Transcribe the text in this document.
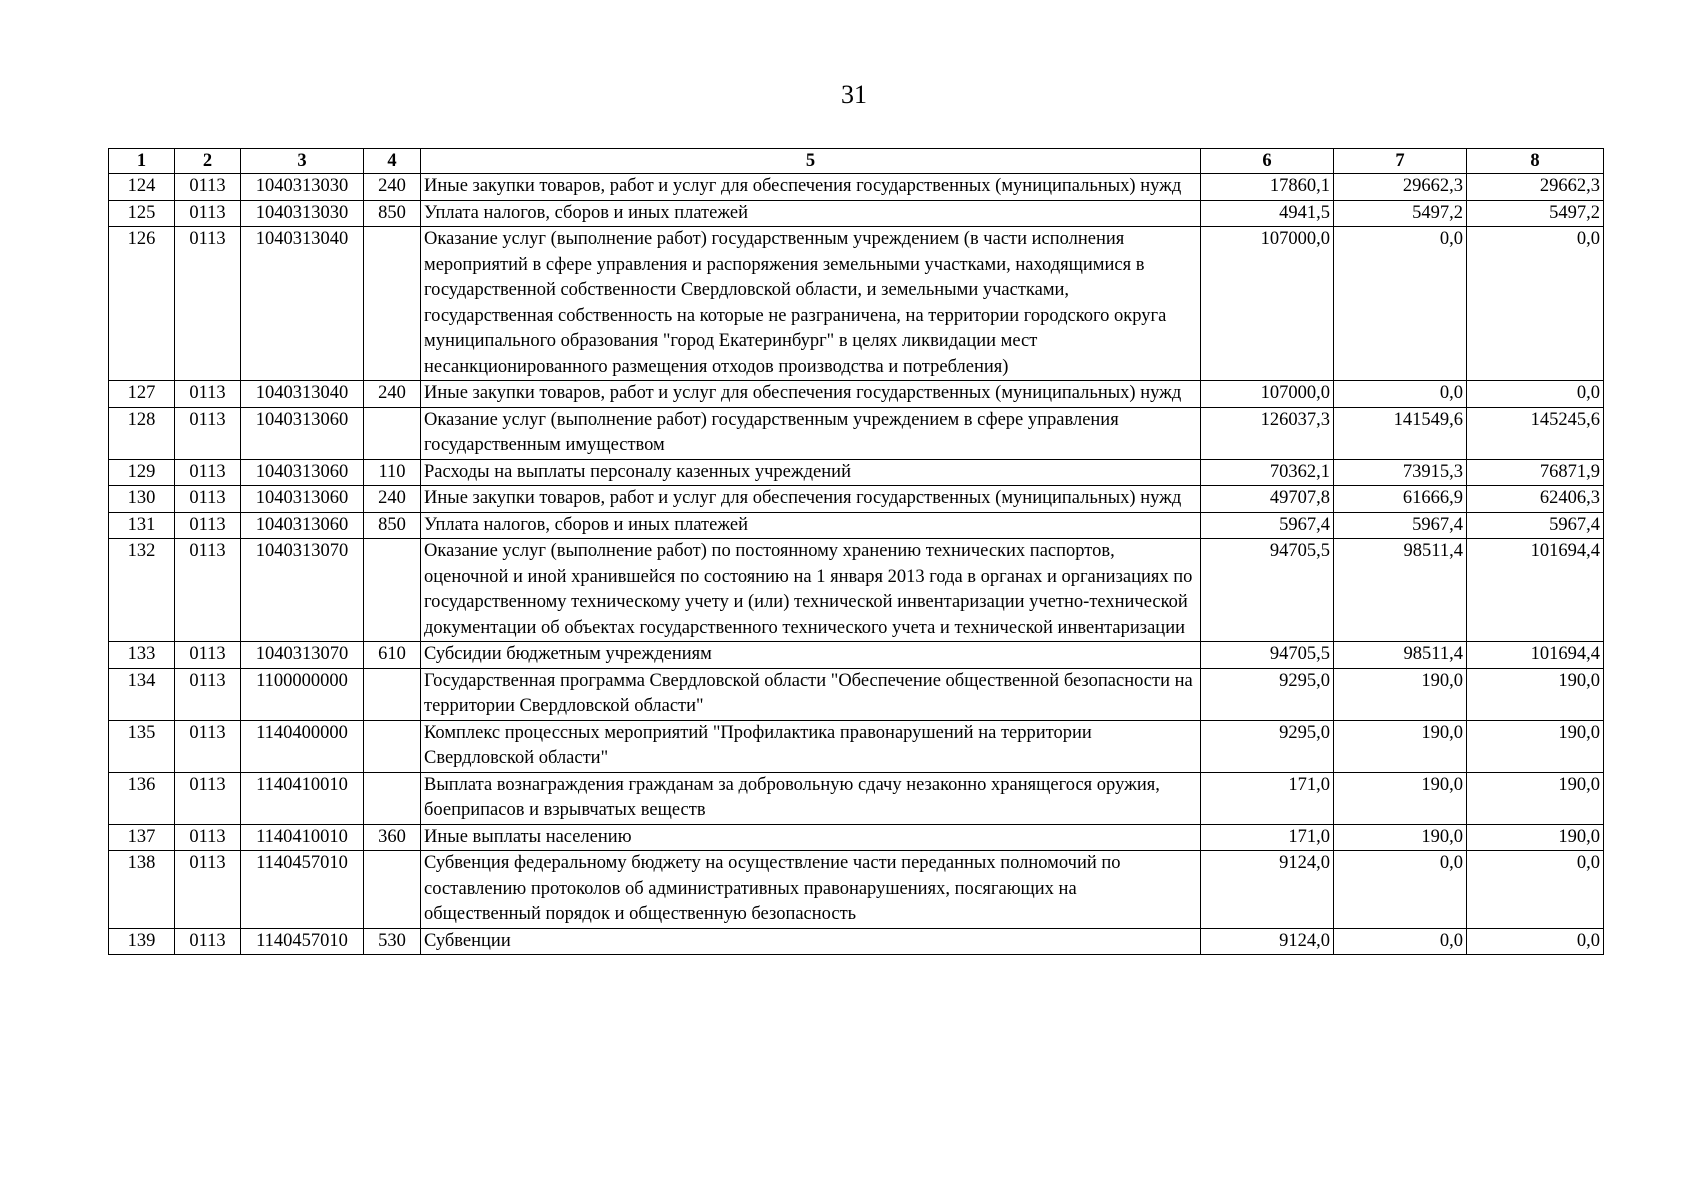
31
1	2	3	4	5	6	7	8
124	0113	1040313030	240	Иные закупки товаров, работ и услуг для обеспечения государственных (муниципальных) нужд	17860,1	29662,3	29662,3
125	0113	1040313030	850	Уплата налогов, сборов и иных платежей	4941,5	5497,2	5497,2
126	0113	1040313040		Оказание услуг (выполнение работ) государственным учреждением (в части исполнения мероприятий в сфере управления и распоряжения земельными участками, находящимися в государственной собственности Свердловской области, и земельными участками, государственная собственность на которые не разграничена, на территории городского округа муниципального образования "город Екатеринбург" в целях ликвидации мест несанкционированного размещения отходов производства и потребления)	107000,0	0,0	0,0
127	0113	1040313040	240	Иные закупки товаров, работ и услуг для обеспечения государственных (муниципальных) нужд	107000,0	0,0	0,0
128	0113	1040313060		Оказание услуг (выполнение работ) государственным учреждением в сфере управления государственным имуществом	126037,3	141549,6	145245,6
129	0113	1040313060	110	Расходы на выплаты персоналу казенных учреждений	70362,1	73915,3	76871,9
130	0113	1040313060	240	Иные закупки товаров, работ и услуг для обеспечения государственных (муниципальных) нужд	49707,8	61666,9	62406,3
131	0113	1040313060	850	Уплата налогов, сборов и иных платежей	5967,4	5967,4	5967,4
132	0113	1040313070		Оказание услуг (выполнение работ) по постоянному хранению технических паспортов, оценочной и иной хранившейся по состоянию на 1 января 2013 года в органах и организациях по государственному техническому учету и (или) технической инвентаризации учетно-технической документации об объектах государственного технического учета и технической инвентаризации	94705,5	98511,4	101694,4
133	0113	1040313070	610	Субсидии бюджетным учреждениям	94705,5	98511,4	101694,4
134	0113	1100000000		Государственная программа Свердловской области "Обеспечение общественной безопасности на территории Свердловской области"	9295,0	190,0	190,0
135	0113	1140400000		Комплекс процессных мероприятий "Профилактика правонарушений на территории Свердловской области"	9295,0	190,0	190,0
136	0113	1140410010		Выплата вознаграждения гражданам за добровольную сдачу незаконно хранящегося оружия, боеприпасов и взрывчатых веществ	171,0	190,0	190,0
137	0113	1140410010	360	Иные выплаты населению	171,0	190,0	190,0
138	0113	1140457010		Субвенция федеральному бюджету на осуществление части переданных полномочий по составлению протоколов об административных правонарушениях, посягающих на общественный порядок и общественную безопасность	9124,0	0,0	0,0
139	0113	1140457010	530	Субвенции	9124,0	0,0	0,0
